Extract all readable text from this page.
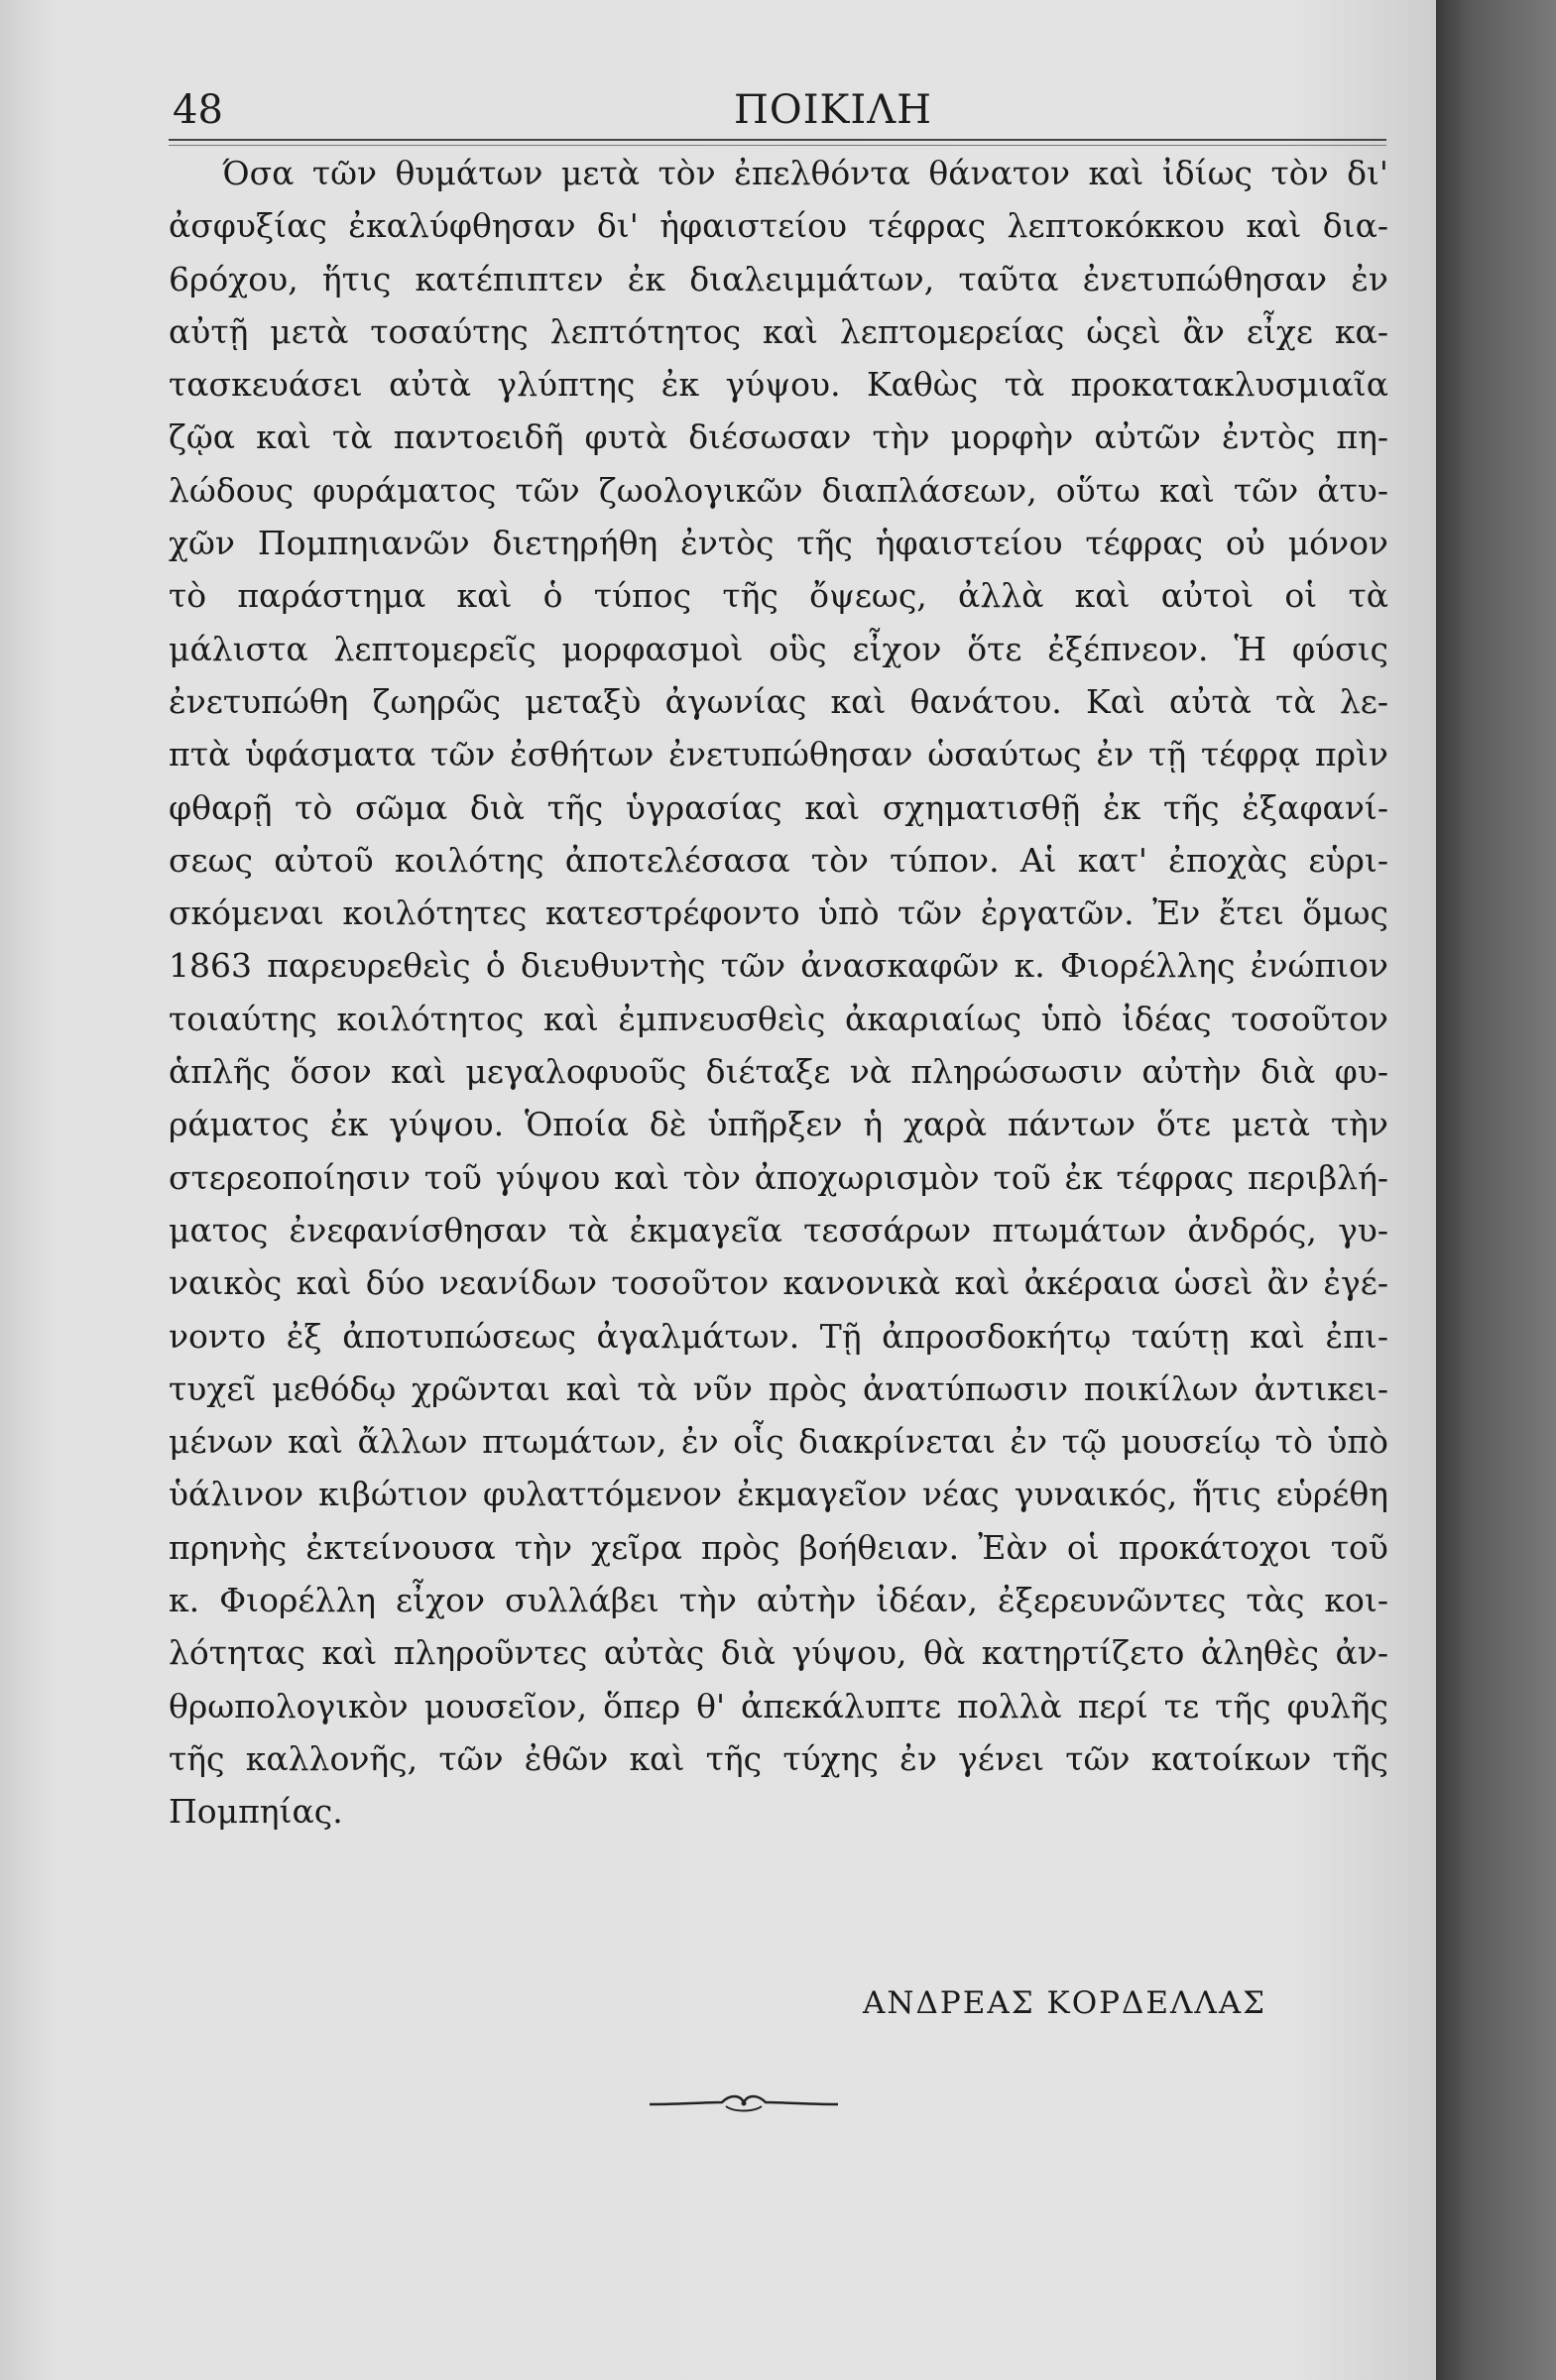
48	ΠΟΙΚΙΛΗ
Όσα τῶν θυμάτων μετὰ τὸν ἐπελθόντα θάνατον καὶ ἰδίως τὸν δι'
ἀσφυξίας ἐκαλύφθησαν δι' ἡφαιστείου τέφρας λεπτοκόκκου καὶ δια-
6ρόχου, ἥτις κατέπιπτεν ἐκ διαλειμμάτων, ταῦτα ἐνετυπώθησαν ἐν
αὐτῇ μετὰ τοσαύτης λεπτότητος καὶ λεπτομερείας ὡςεὶ ἂν εἶχε κα-
τασκευάσει αὐτὰ γλύπτης ἐκ γύψου. Καθὼς τὰ προκατακλυσμιαῖα
ζῷα καὶ τὰ παντοειδῆ φυτὰ διέσωσαν τὴν μορφὴν αὐτῶν ἐντὸς πη-
λώδους φυράματος τῶν ζωολογικῶν διαπλάσεων, οὕτω καὶ τῶν ἀτυ-
χῶν Πομπηιανῶν διετηρήθη ἐντὸς τῆς ἡφαιστείου τέφρας οὐ μόνον
τὸ παράστημα καὶ ὁ τύπος τῆς ὄψεως, ἀλλὰ καὶ αὐτοὶ οἱ τὰ
μάλιστα λεπτομερεῖς μορφασμοὶ οὓς εἶχον ὅτε ἐξέπνεον. Ἡ φύσις
ἐνετυπώθη ζωηρῶς μεταξὺ ἀγωνίας καὶ θανάτου. Καὶ αὐτὰ τὰ λε-
πτὰ ὑφάσματα τῶν ἐσθήτων ἐνετυπώθησαν ὡσαύτως ἐν τῇ τέφρᾳ πρὶν
φθαρῇ τὸ σῶμα διὰ τῆς ὑγρασίας καὶ σχηματισθῇ ἐκ τῆς ἐξαφανί-
σεως αὐτοῦ κοιλότης ἀποτελέσασα τὸν τύπον. Αἱ κατ' ἐποχὰς εὑρι-
σκόμεναι κοιλότητες κατεστρέφοντο ὑπὸ τῶν ἐργατῶν. Ἐν ἔτει ὅμως
1863 παρευρεθεὶς ὁ διευθυντὴς τῶν ἀνασκαφῶν κ. Φιορέλλης ἐνώπιον
τοιαύτης κοιλότητος καὶ ἐμπνευσθεὶς ἀκαριαίως ὑπὸ ἰδέας τοσοῦτον
ἁπλῆς ὅσον καὶ μεγαλοφυοῦς διέταξε νὰ πληρώσωσιν αὐτὴν διὰ φυ-
ράματος ἐκ γύψου. Ὁποία δὲ ὑπῆρξεν ἡ χαρὰ πάντων ὅτε μετὰ τὴν
στερεοποίησιν τοῦ γύψου καὶ τὸν ἀποχωρισμὸν τοῦ ἐκ τέφρας περιβλή-
ματος ἐνεφανίσθησαν τὰ ἐκμαγεῖα τεσσάρων πτωμάτων ἀνδρός, γυ-
ναικὸς καὶ δύο νεανίδων τοσοῦτον κανονικὰ καὶ ἀκέραια ὡσεὶ ἂν ἐγέ-
νοντο ἐξ ἀποτυπώσεως ἀγαλμάτων. Τῇ ἀπροσδοκήτῳ ταύτῃ καὶ ἐπι-
τυχεῖ μεθόδῳ χρῶνται καὶ τὰ νῦν πρὸς ἀνατύπωσιν ποικίλων ἀντικει-
μένων καὶ ἄλλων πτωμάτων, ἐν οἷς διακρίνεται ἐν τῷ μουσείῳ τὸ ὑπὸ
ὑάλινον κιβώτιον φυλαττόμενον ἐκμαγεῖον νέας γυναικός, ἥτις εὑρέθη
πρηνὴς ἐκτείνουσα τὴν χεῖρα πρὸς βοήθειαν. Ἐὰν οἱ προκάτοχοι τοῦ
κ. Φιορέλλη εἶχον συλλάβει τὴν αὐτὴν ἰδέαν, ἐξερευνῶντες τὰς κοι-
λότητας καὶ πληροῦντες αὐτὰς διὰ γύψου, θὰ κατηρτίζετο ἀληθὲς ἀν-
θρωπολογικὸν μουσεῖον, ὅπερ θ' ἀπεκάλυπτε πολλὰ περί τε τῆς φυλῆς
τῆς καλλονῆς, τῶν ἐθῶν καὶ τῆς τύχης ἐν γένει τῶν κατοίκων τῆς
Πομπηίας.
ΑΝΔΡΕΑΣ ΚΟΡΔΕΛΛΑΣ
